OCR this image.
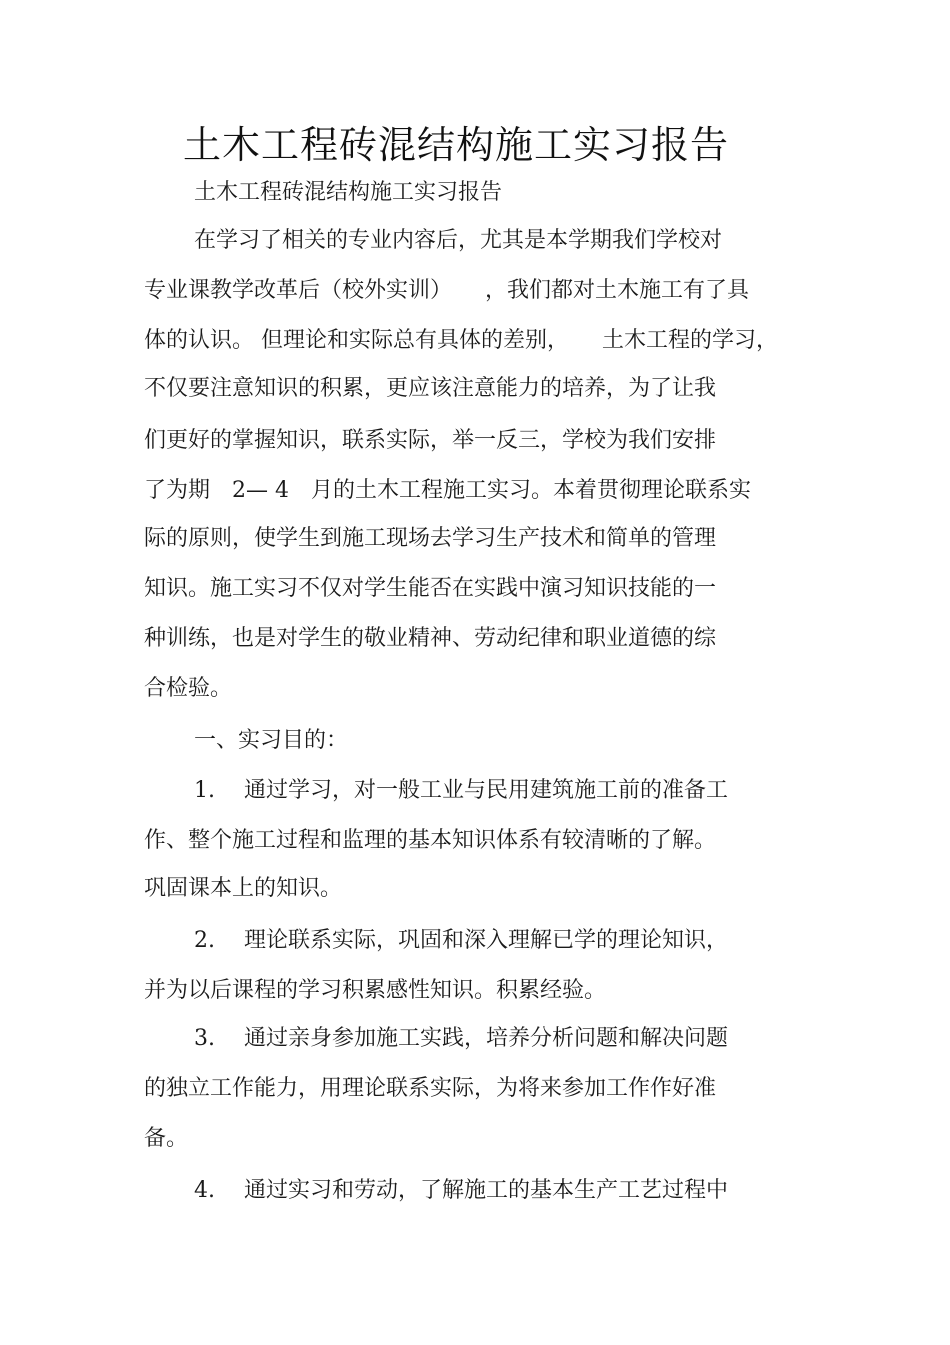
土木工程砖混结构施工实习报告
土木工程砖混结构施工实习报告
在学习了相关的专业内容后，尤其是本学期我们学校对
专业课教学改革后（校外实训）　　，我们都对土木施工有了具
体的认识。 但理论和实际总有具体的差别，　　土木工程的学习，
不仅要注意知识的积累，更应该注意能力的培养，为了让我
们更好的掌握知识，联系实际，举一反三，学校为我们安排
了为期　2— 4　月的土木工程施工实习。本着贯彻理论联系实
际的原则，使学生到施工现场去学习生产技术和简单的管理
知识。施工实习不仅对学生能否在实践中演习知识技能的一
种训练，也是对学生的敬业精神、劳动纪律和职业道德的综
合检验。
一、实习目的：
1.　 通过学习，对一般工业与民用建筑施工前的准备工
作、整个施工过程和监理的基本知识体系有较清晰的了解。
巩固课本上的知识。
2.　 理论联系实际，巩固和深入理解已学的理论知识，
并为以后课程的学习积累感性知识。积累经验。
3.　 通过亲身参加施工实践，培养分析问题和解决问题
的独立工作能力，用理论联系实际，为将来参加工作作好准
备。
4.　 通过实习和劳动，了解施工的基本生产工艺过程中
